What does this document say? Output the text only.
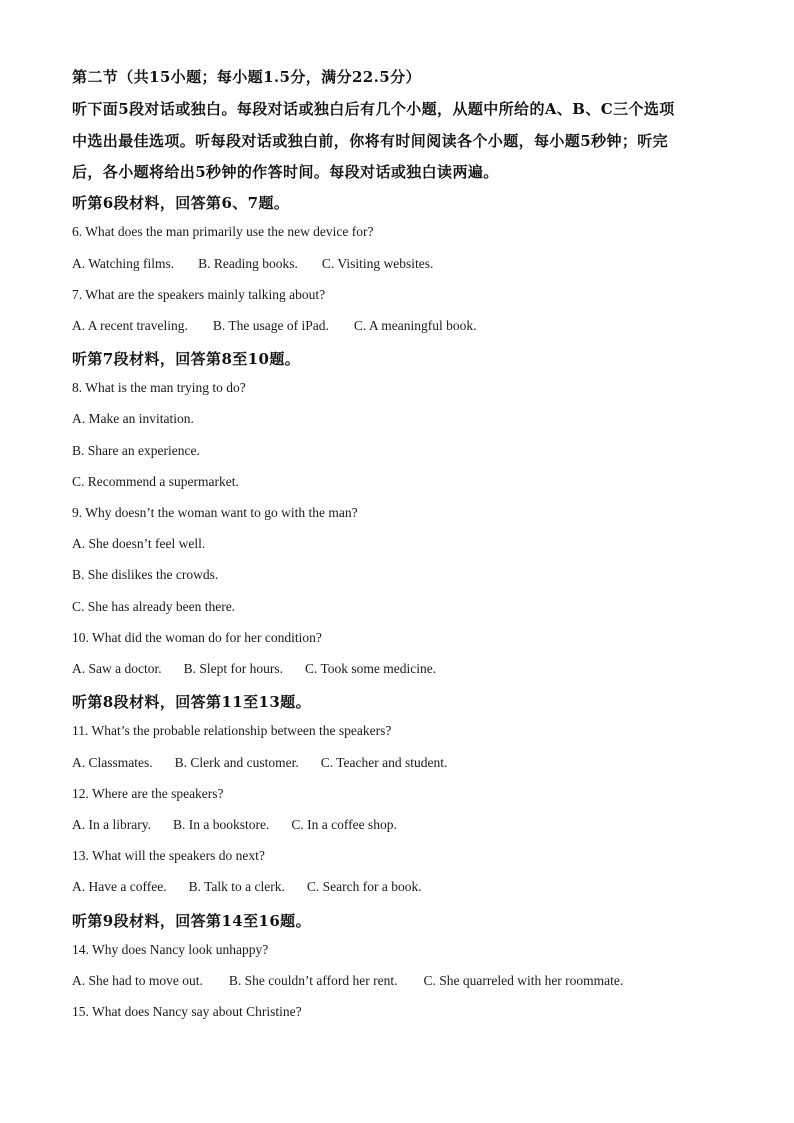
第二节（共15小题；每小题1.5分，满分22.5分）
听下面5段对话或独白。每段对话或独白后有几个小题，从题中所给的A、B、C三个选项
中选出最佳选项。听每段对话或独白前，你将有时间阅读各个小题，每小题5秒钟；听完
后，各小题将给出5秒钟的作答时间。每段对话或独白读两遍。
听第6段材料，回答第6、7题。
6. What does the man primarily use the new device for?
A. Watching films. B. Reading books. C. Visiting websites.
7. What are the speakers mainly talking about?
A. A recent traveling. B. The usage of iPad. C. A meaningful book.
听第7段材料，回答第8至10题。
8. What is the man trying to do?
A. Make an invitation.
B. Share an experience.
C. Recommend a supermarket.
9. Why doesn’t the woman want to go with the man?
A. She doesn’t feel well.
B. She dislikes the crowds.
C. She has already been there.
10. What did the woman do for her condition?
A. Saw a doctor. B. Slept for hours. C. Took some medicine.
听第8段材料，回答第11至13题。
11. What’s the probable relationship between the speakers?
A. Classmates. B. Clerk and customer. C. Teacher and student.
12. Where are the speakers?
A. In a library. B. In a bookstore. C. In a coffee shop.
13. What will the speakers do next?
A. Have a coffee. B. Talk to a clerk. C. Search for a book.
听第9段材料，回答第14至16题。
14. Why does Nancy look unhappy?
A. She had to move out. B. She couldn’t afford her rent. C. She quarreled with her roommate.
15. What does Nancy say about Christine?
